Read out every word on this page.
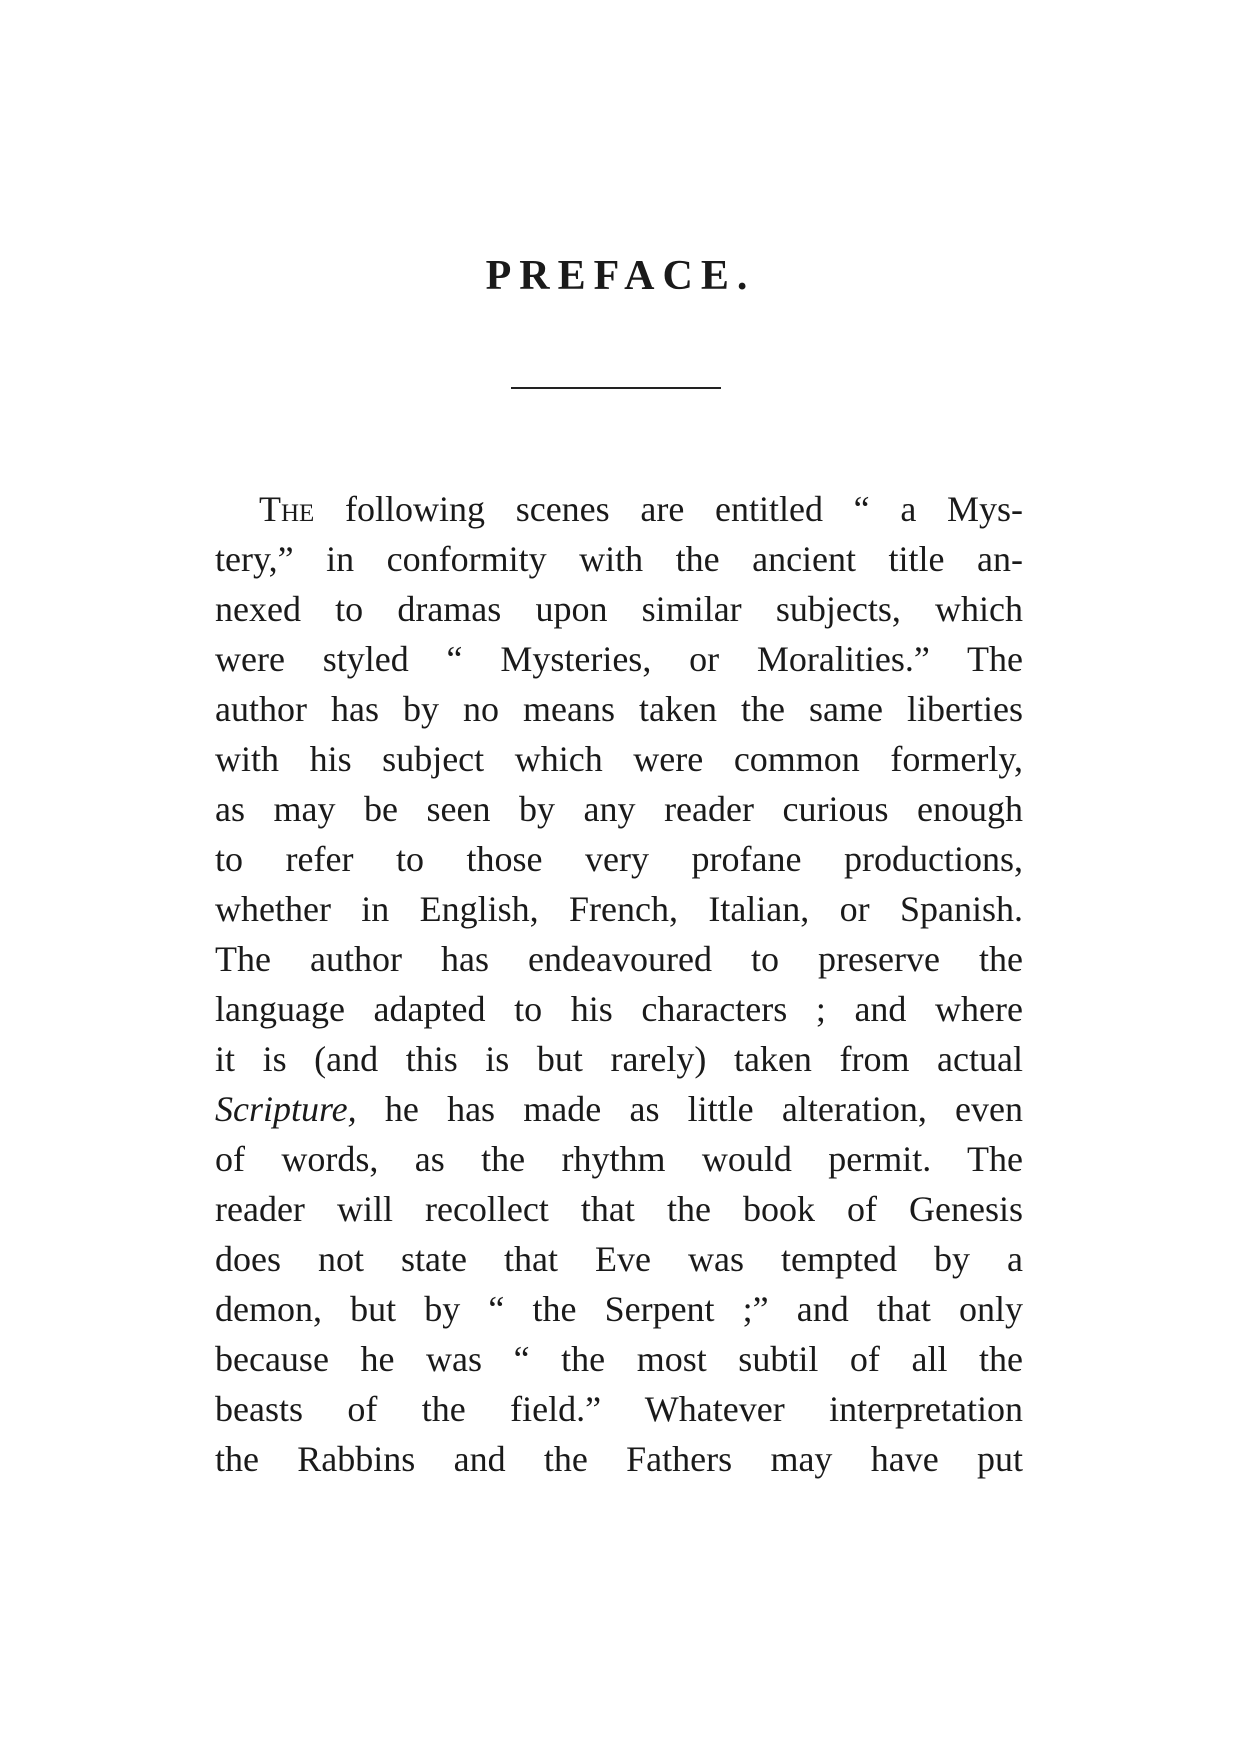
PREFACE.
The following scenes are entitled “ a Mys-
tery,” in conformity with the ancient title an-
nexed to dramas upon similar subjects, which
were styled “ Mysteries, or Moralities.” The
author has by no means taken the same liberties
with his subject which were common formerly,
as may be seen by any reader curious enough
to refer to those very profane productions,
whether in English, French, Italian, or Spanish.
The author has endeavoured to preserve the
language adapted to his characters ; and where
it is (and this is but rarely) taken from actual
Scripture, he has made as little alteration, even
of words, as the rhythm would permit. The
reader will recollect that the book of Genesis
does not state that Eve was tempted by a
demon, but by “ the Serpent ;” and that only
because he was “ the most subtil of all the
beasts of the field.” Whatever interpretation
the Rabbins and the Fathers may have put
